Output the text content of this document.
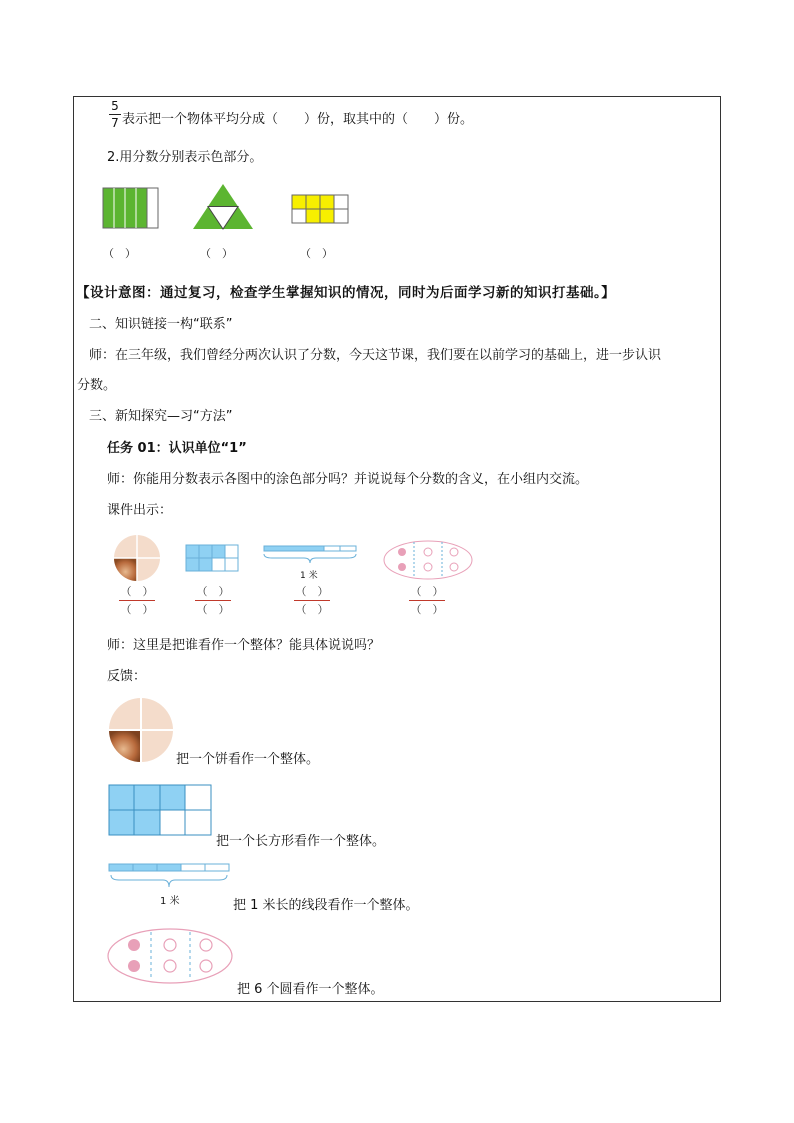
5
7 表示把一个物体平均分成（　　）份，取其中的（　　）份。
2.用分数分别表示色部分。
（　）	（　）	（　）
【设计意图：通过复习，检查学生掌握知识的情况，同时为后面学习新的知识打基础。】
二、知识链接一构“联系”
师：在三年级，我们曾经分两次认识了分数，今天这节课，我们要在以前学习的基础上，进一步认识
分数。
三、新知探究—习“方法”
任务 01：认识单位“1”
师：你能用分数表示各图中的涂色部分吗？并说说每个分数的含义，在小组内交流。
课件出示：
1 米
（　）
（　）
（　）
（　）
（　）
（　）
（　）
（　）
师：这里是把谁看作一个整体？能具体说说吗？
反馈：
把一个饼看作一个整体。
把一个长方形看作一个整体。
1 米	把 1 米长的线段看作一个整体。
把 6 个圆看作一个整体。
